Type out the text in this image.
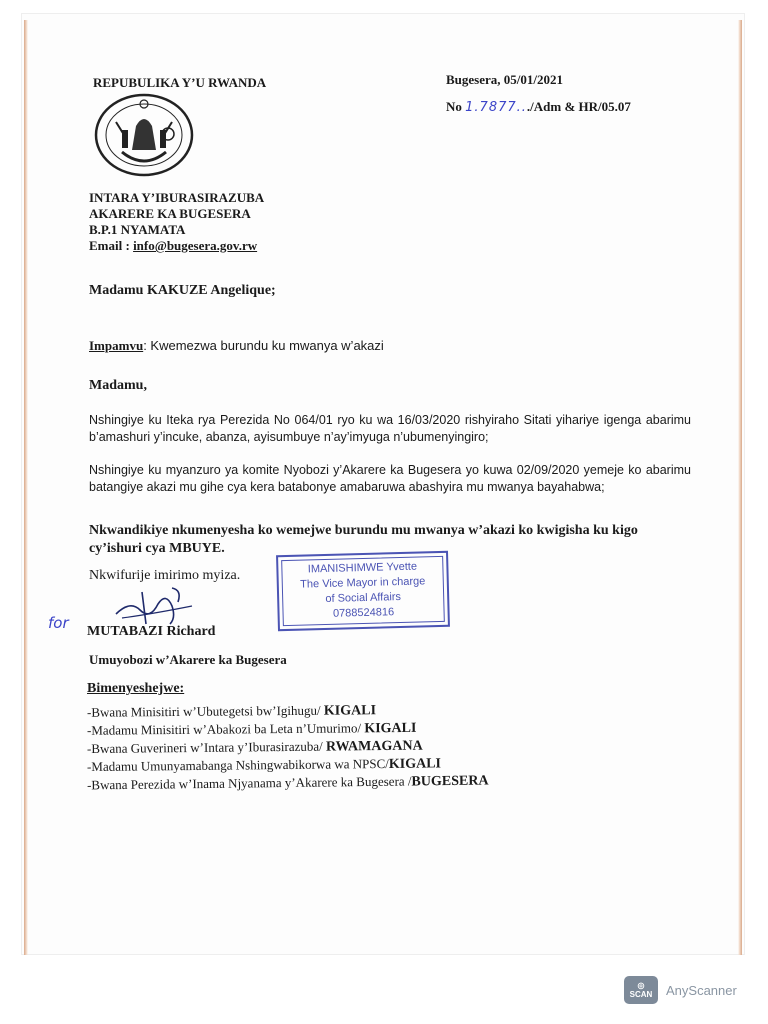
REPUBULIKA Y’U RWANDA
INTARA Y’IBURASIRAZUBA
AKARERE KA BUGESERA
B.P.1 NYAMATA
Email : info@bugesera.gov.rw
Bugesera, 05/01/2021
No 1.7877.../Adm & HR/05.07
Madamu KAKUZE Angelique;
Impamvu: Kwemezwa burundu ku mwanya w’akazi
Madamu,
Nshingiye ku Iteka rya Perezida No 064/01 ryo ku wa 16/03/2020 rishyiraho Sitati yihariye igenga abarimu b’amashuri y’incuke, abanza, ayisumbuye n’ay’imyuga n’ubumenyingiro;
Nshingiye ku myanzuro ya komite Nyobozi y’Akarere ka Bugesera yo kuwa 02/09/2020 yemeje ko abarimu batangiye akazi mu gihe cya kera batabonye amabaruwa abashyira mu mwanya bayahabwa;
Nkwandikiye nkumenyesha ko wemejwe burundu mu mwanya w’akazi ko kwigisha ku kigo cy’ishuri cya MBUYE.
Nkwifurije imirimo myiza.	IMANISHIMWE Yvette
The Vice Mayor in charge
of Social Affairs
0788524816
for MUTABAZI Richard
Umuyobozi w’Akarere ka Bugesera
Bimenyeshejwe:
-Bwana Minisitiri w’Ubutegetsi bw’Igihugu/ KIGALI
-Madamu Minisitiri w’Abakozi ba Leta n’Umurimo/ KIGALI
-Bwana Guverineri w’Intara y’Iburasirazuba/ RWAMAGANA
-Madamu Umunyamabanga Nshingwabikorwa wa NPSC/KIGALI
-Bwana Perezida w’Inama Njyanama y’Akarere ka Bugesera /BUGESERA
◎
SCAN AnyScanner
